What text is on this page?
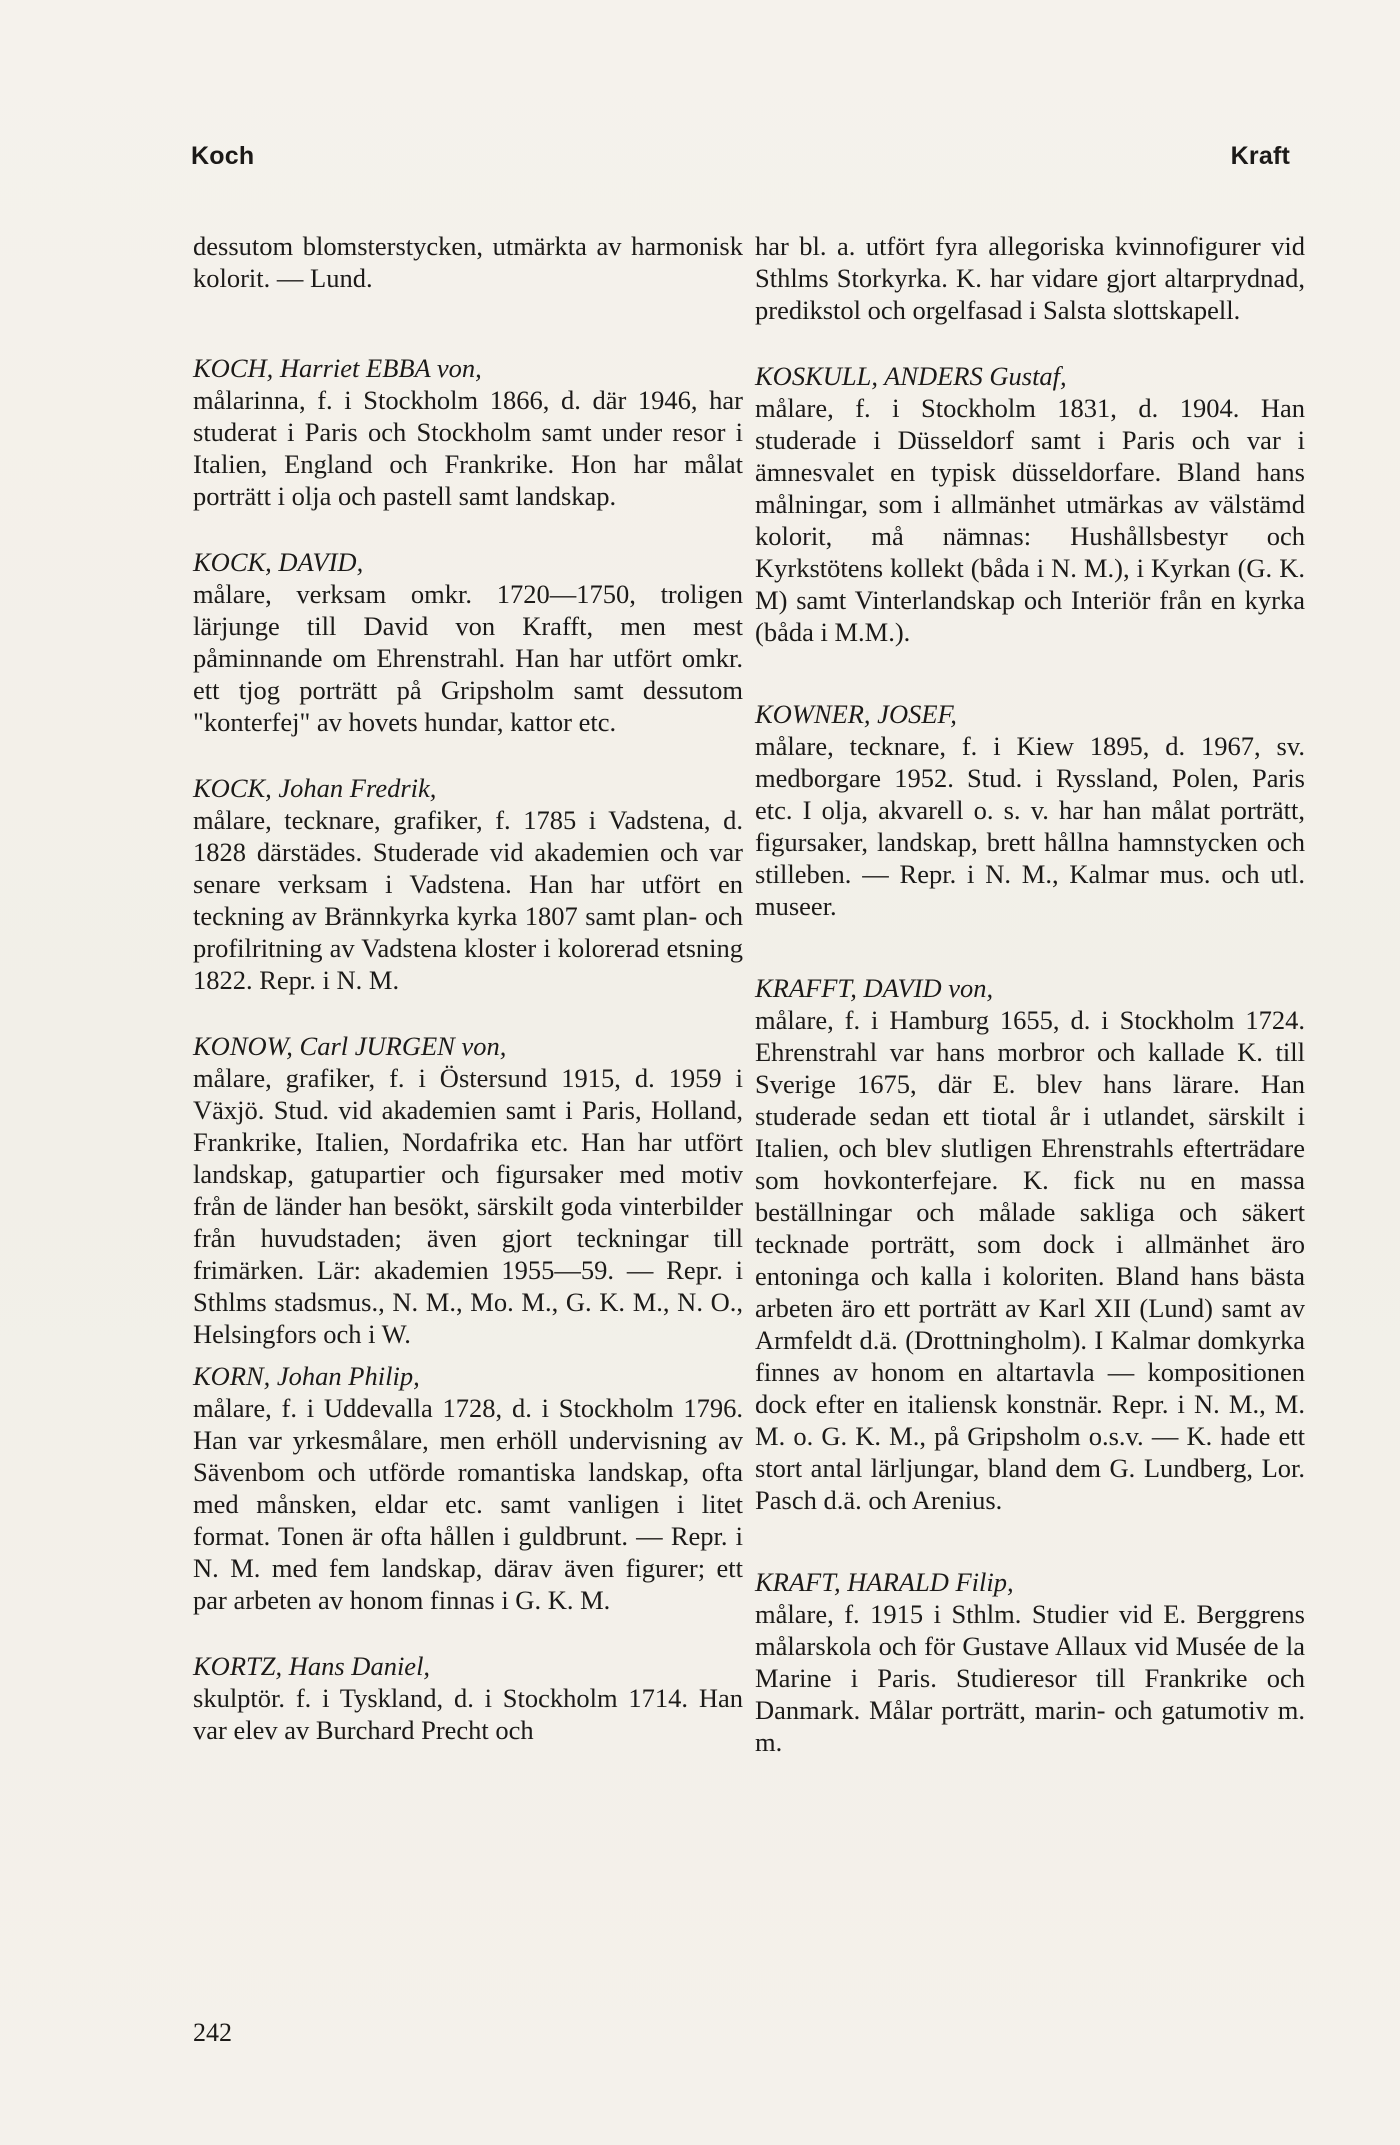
Koch	Kraft
dessutom blomsterstycken, utmärkta av harmonisk kolorit. — Lund.
KOCH, Harriet EBBA von,
målarinna, f. i Stockholm 1866, d. där 1946, har studerat i Paris och Stockholm samt under resor i Italien, England och Frankrike. Hon har målat porträtt i olja och pastell samt landskap.
KOCK, DAVID,
målare, verksam omkr. 1720—1750, troligen lärjunge till David von Krafft, men mest påminnande om Ehrenstrahl. Han har utfört omkr. ett tjog porträtt på Gripsholm samt dessutom "konterfej" av hovets hundar, kattor etc.
KOCK, Johan Fredrik,
målare, tecknare, grafiker, f. 1785 i Vadstena, d. 1828 därstädes. Studerade vid akademien och var senare verksam i Vadstena. Han har utfört en teckning av Brännkyrka kyrka 1807 samt plan- och profilritning av Vadstena kloster i kolorerad etsning 1822. Repr. i N. M.
KONOW, Carl JURGEN von,
målare, grafiker, f. i Östersund 1915, d. 1959 i Växjö. Stud. vid akademien samt i Paris, Holland, Frankrike, Italien, Nordafrika etc. Han har utfört landskap, gatupartier och figursaker med motiv från de länder han besökt, särskilt goda vinterbilder från huvudstaden; även gjort teckningar till frimärken. Lär: akademien 1955—59. — Repr. i Sthlms stadsmus., N. M., Mo. M., G. K. M., N. O., Helsingfors och i W.
KORN, Johan Philip,
målare, f. i Uddevalla 1728, d. i Stockholm 1796. Han var yrkesmålare, men erhöll undervisning av Sävenbom och utförde romantiska landskap, ofta med månsken, eldar etc. samt vanligen i litet format. Tonen är ofta hållen i guldbrunt. — Repr. i N. M. med fem landskap, därav även figurer; ett par arbeten av honom finnas i G. K. M.
KORTZ, Hans Daniel,
skulptör. f. i Tyskland, d. i Stockholm 1714. Han var elev av Burchard Precht och
har bl. a. utfört fyra allegoriska kvinnofigurer vid Sthlms Storkyrka. K. har vidare gjort altarprydnad, predikstol och orgelfasad i Salsta slottskapell.
KOSKULL, ANDERS Gustaf,
målare, f. i Stockholm 1831, d. 1904. Han studerade i Düsseldorf samt i Paris och var i ämnesvalet en typisk düsseldorfare. Bland hans målningar, som i allmänhet utmärkas av välstämd kolorit, må nämnas: Hushållsbestyr och Kyrkstötens kollekt (båda i N. M.), i Kyrkan (G. K. M) samt Vinterlandskap och Interiör från en kyrka (båda i M.M.).
KOWNER, JOSEF,
målare, tecknare, f. i Kiew 1895, d. 1967, sv. medborgare 1952. Stud. i Ryssland, Polen, Paris etc. I olja, akvarell o. s. v. har han målat porträtt, figursaker, landskap, brett hållna hamnstycken och stilleben. — Repr. i N. M., Kalmar mus. och utl. museer.
KRAFFT, DAVID von,
målare, f. i Hamburg 1655, d. i Stockholm 1724. Ehrenstrahl var hans morbror och kallade K. till Sverige 1675, där E. blev hans lärare. Han studerade sedan ett tiotal år i utlandet, särskilt i Italien, och blev slutligen Ehrenstrahls efterträdare som hovkonterfejare. K. fick nu en massa beställningar och målade sakliga och säkert tecknade porträtt, som dock i allmänhet äro entoninga och kalla i koloriten. Bland hans bästa arbeten äro ett porträtt av Karl XII (Lund) samt av Armfeldt d.ä. (Drottningholm). I Kalmar domkyrka finnes av honom en altartavla — kompositionen dock efter en italiensk konstnär. Repr. i N. M., M. M. o. G. K. M., på Gripsholm o.s.v. — K. hade ett stort antal lärljungar, bland dem G. Lundberg, Lor. Pasch d.ä. och Arenius.
KRAFT, HARALD Filip,
målare, f. 1915 i Sthlm. Studier vid E. Berggrens målarskola och för Gustave Allaux vid Musée de la Marine i Paris. Studieresor till Frankrike och Danmark. Målar porträtt, marin- och gatumotiv m. m.
242
